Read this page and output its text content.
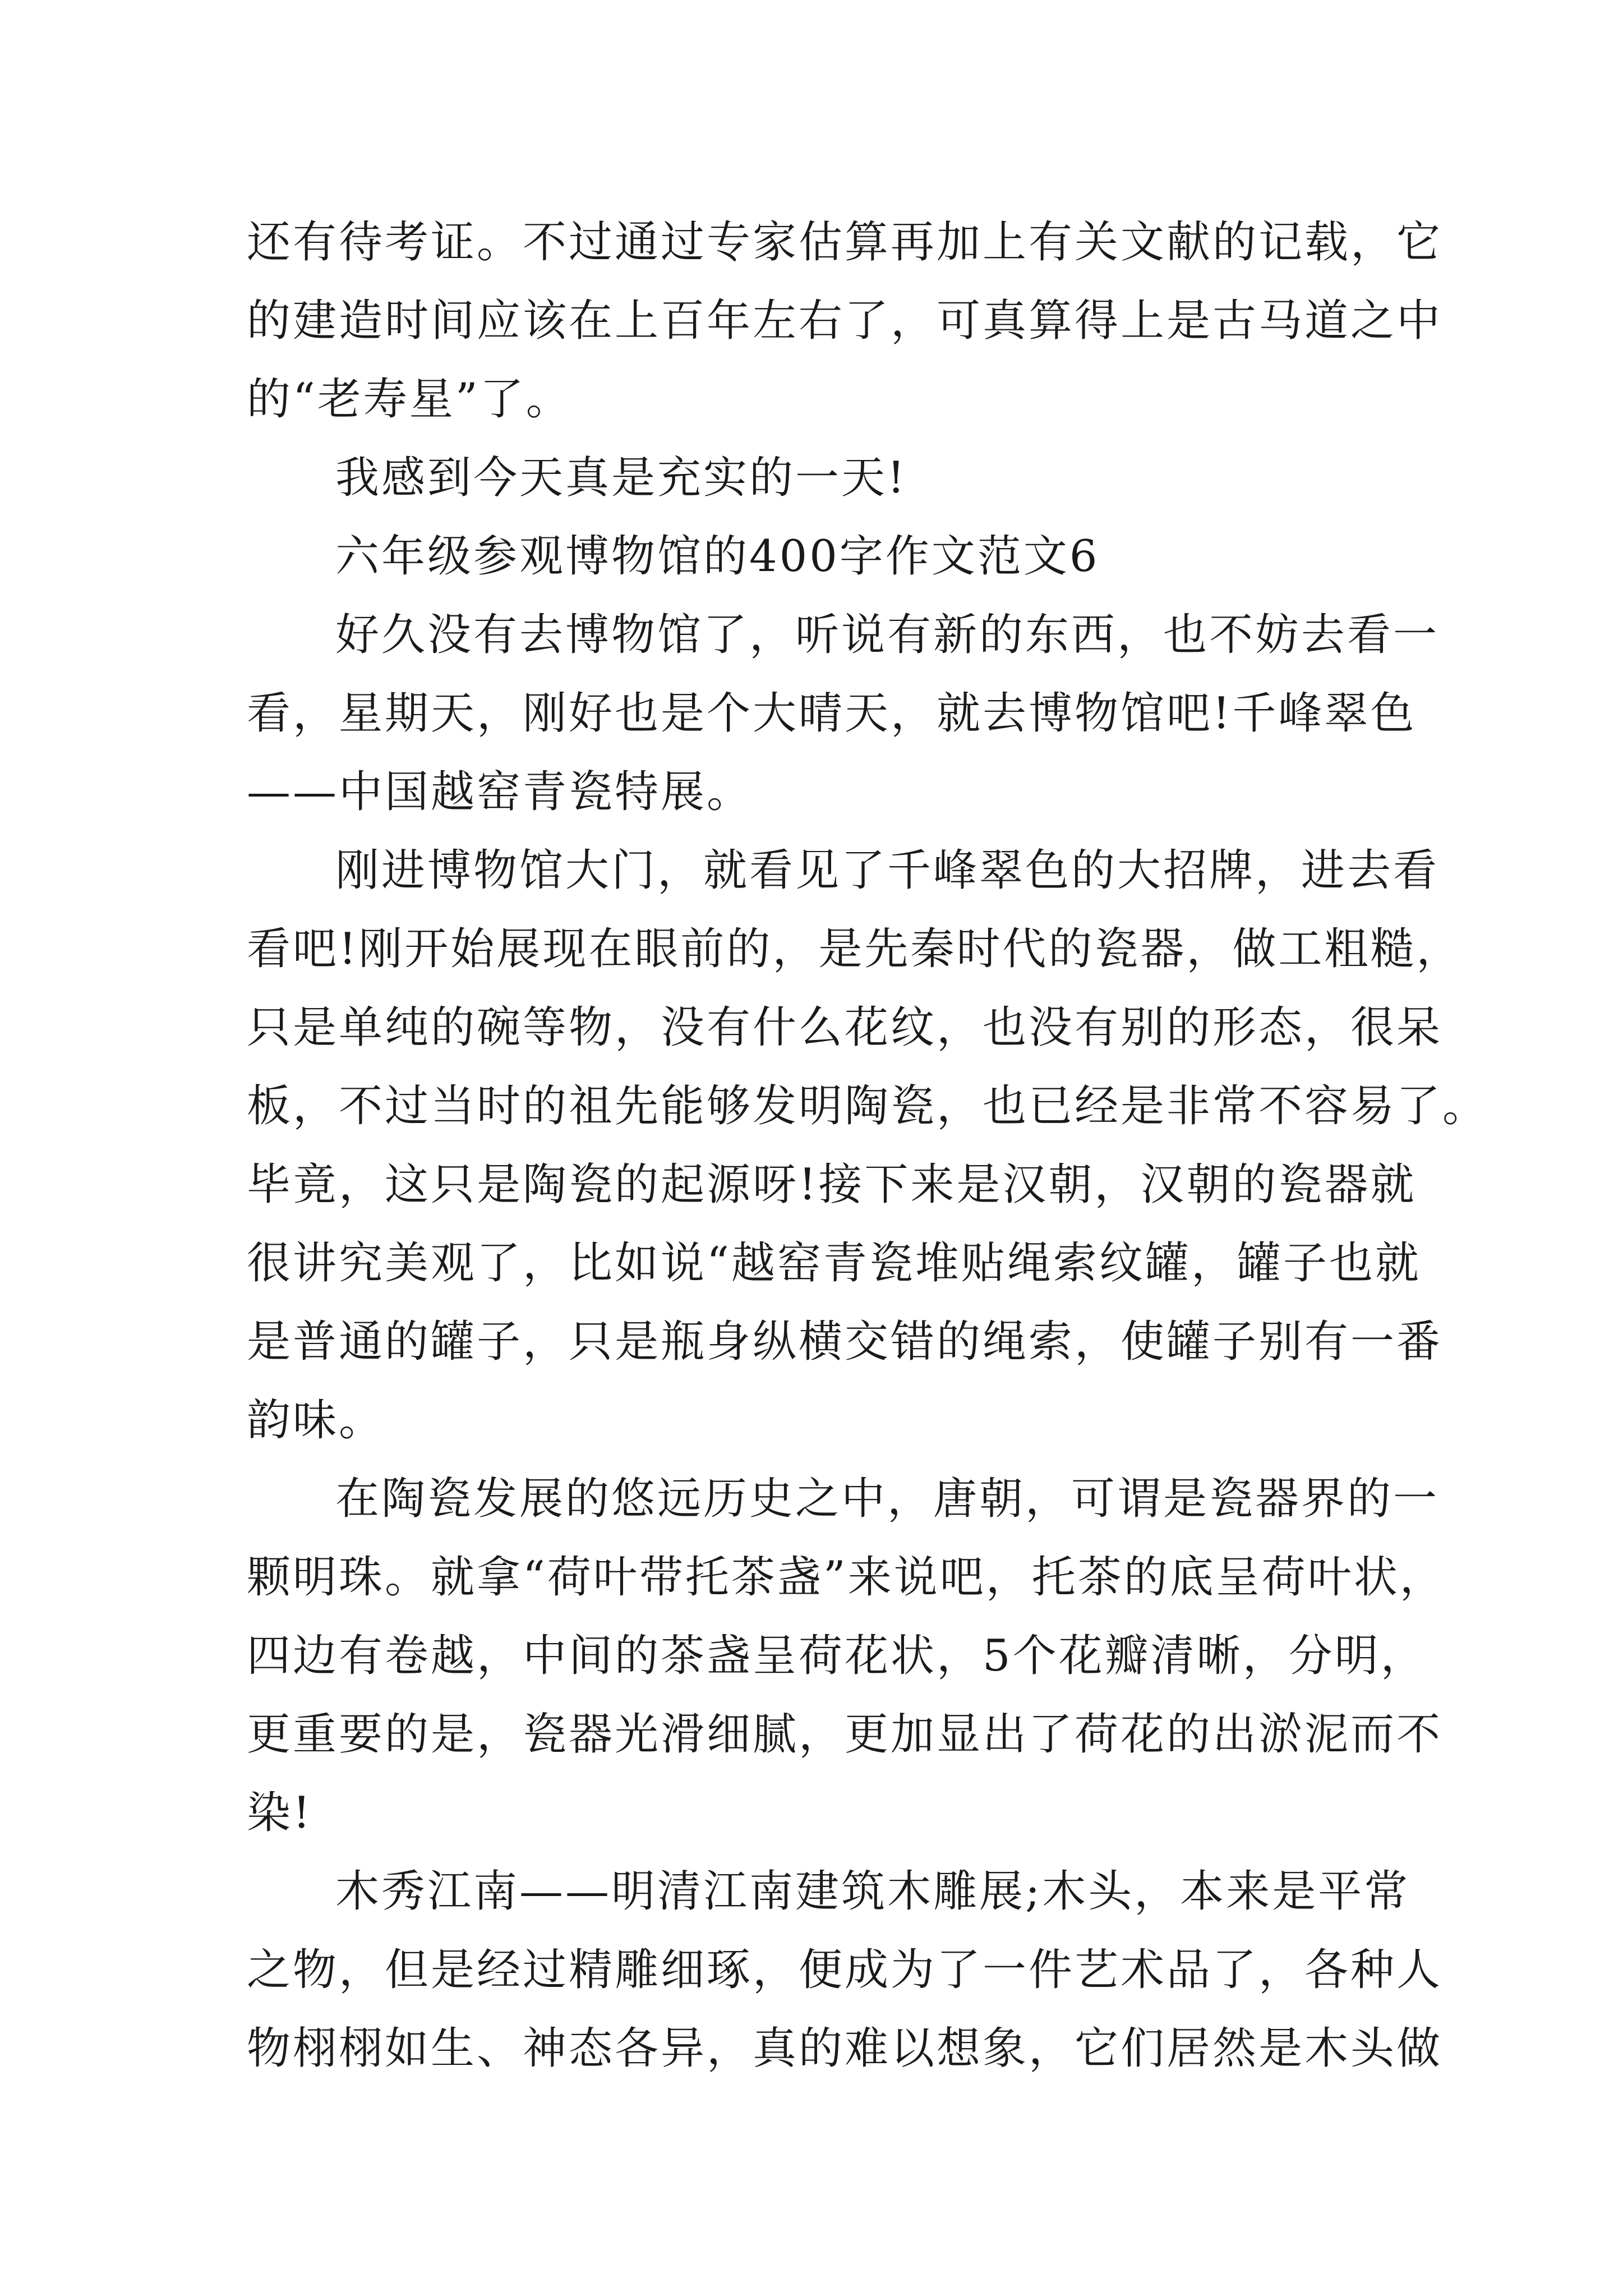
还有待考证。不过通过专家估算再加上有关文献的记载，它
的建造时间应该在上百年左右了，可真算得上是古马道之中
的“老寿星”了。
我感到今天真是充实的一天!
六年级参观博物馆的400字作文范文6
好久没有去博物馆了，听说有新的东西，也不妨去看一
看，星期天，刚好也是个大晴天，就去博物馆吧!千峰翠色
——中国越窑青瓷特展。
刚进博物馆大门，就看见了千峰翠色的大招牌，进去看
看吧!刚开始展现在眼前的，是先秦时代的瓷器，做工粗糙，
只是单纯的碗等物，没有什么花纹，也没有别的形态，很呆
板，不过当时的祖先能够发明陶瓷，也已经是非常不容易了。
毕竟，这只是陶瓷的起源呀!接下来是汉朝，汉朝的瓷器就
很讲究美观了，比如说“越窑青瓷堆贴绳索纹罐，罐子也就
是普通的罐子，只是瓶身纵横交错的绳索，使罐子别有一番
韵味。
在陶瓷发展的悠远历史之中，唐朝，可谓是瓷器界的一
颗明珠。就拿“荷叶带托茶盏”来说吧，托茶的底呈荷叶状，
四边有卷越，中间的茶盏呈荷花状，5个花瓣清晰，分明，
更重要的是，瓷器光滑细腻，更加显出了荷花的出淤泥而不
染!
木秀江南——明清江南建筑木雕展;木头，本来是平常
之物，但是经过精雕细琢，便成为了一件艺术品了，各种人
物栩栩如生、神态各异，真的难以想象，它们居然是木头做
